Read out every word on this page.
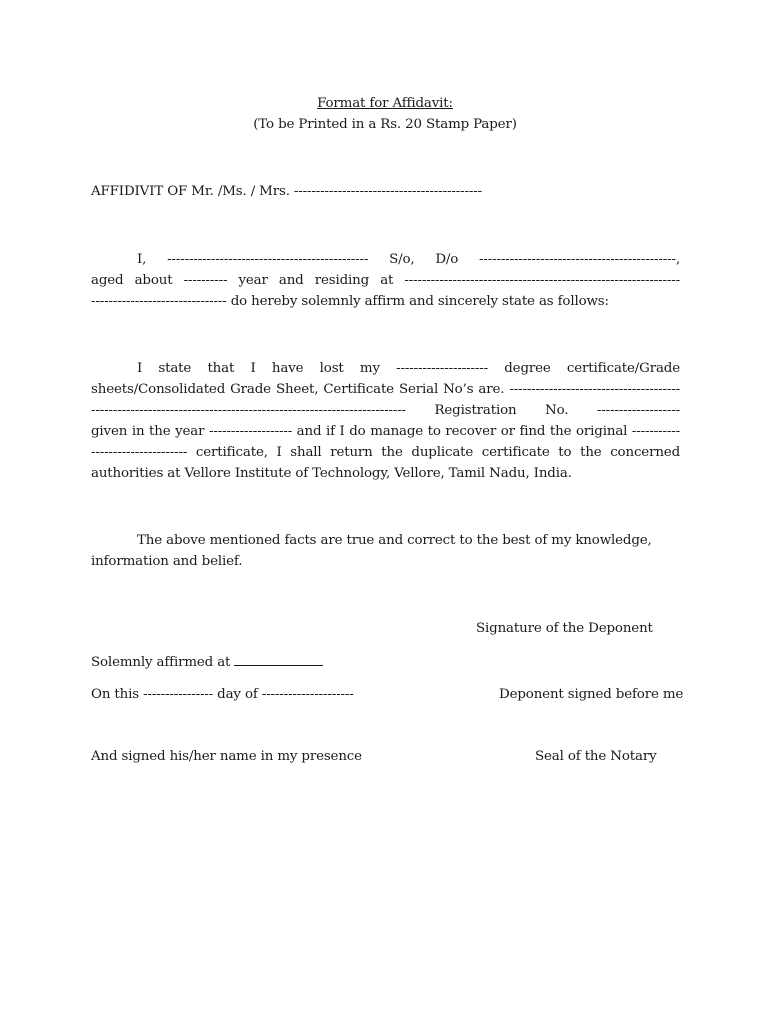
Format for Affidavit:
(To be Printed in a Rs. 20 Stamp Paper)
AFFIDIVIT OF Mr. /Ms. / Mrs. -------------------------------------------
I, ---------------------------------------------- S/o, D/o ---------------------------------------------,
aged about ---------- year and residing at ---------------------------------------------------------------
------------------------------- do hereby solemnly affirm and sincerely state as follows:
I state that I have lost my --------------------- degree certificate/Grade
sheets/Consolidated Grade Sheet, Certificate Serial No’s are. ---------------------------------------
------------------------------------------------------------------------ Registration No. -------------------
given in the year ------------------- and if I do manage to recover or find the original -----------
---------------------- certificate, I shall return the duplicate certificate to the concerned
authorities at Vellore Institute of Technology, Vellore, Tamil Nadu, India.
The above mentioned facts are true and correct to the best of my knowledge,
information and belief.
Signature of the Deponent
Solemnly affirmed at
On this ---------------- day of ---------------------	Deponent signed before me
And signed his/her name in my presence	Seal of the Notary
